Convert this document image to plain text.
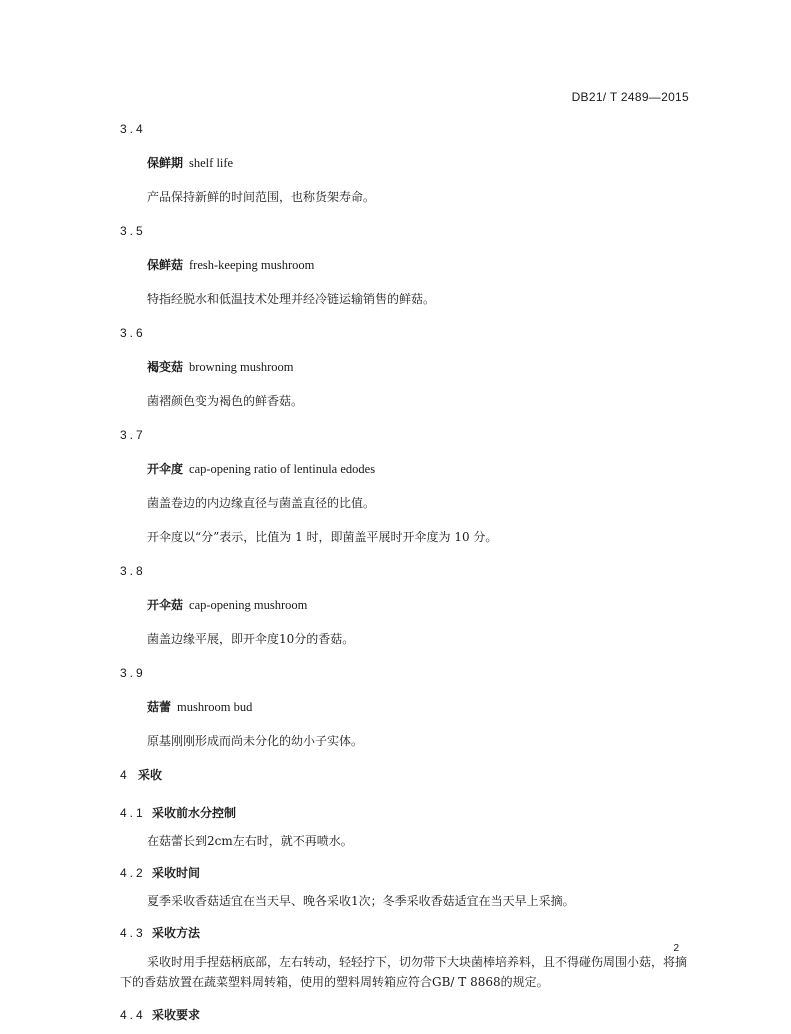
DB21/ T 2489—2015
3.4
保鲜期 shelf life
产品保持新鲜的时间范围，也称货架寿命。
3.5
保鲜菇 fresh-keeping mushroom
特指经脱水和低温技术处理并经冷链运输销售的鲜菇。
3.6
褐变菇 browning mushroom
菌褶颜色变为褐色的鲜香菇。
3.7
开伞度 cap-opening ratio of lentinula edodes
菌盖卷边的内边缘直径与菌盖直径的比值。
开伞度以“分”表示，比值为 1 时，即菌盖平展时开伞度为 10 分。
3.8
开伞菇 cap-opening mushroom
菌盖边缘平展，即开伞度10分的香菇。
3.9
菇蕾 mushroom bud
原基刚刚形成而尚未分化的幼小子实体。
4 采收
4.1 采收前水分控制
在菇蕾长到2cm左右时，就不再喷水。
4.2 采收时间
夏季采收香菇适宜在当天早、晚各采收1次；冬季采收香菇适宜在当天早上采摘。
4.3 采收方法
采收时用手捏菇柄底部，左右转动，轻轻拧下，切勿带下大块菌棒培养料，且不得碰伤周围小菇，将摘下的香菇放置在蔬菜塑料周转箱，使用的塑料周转箱应符合GB/ T 8868的规定。
4.4 采收要求
2
